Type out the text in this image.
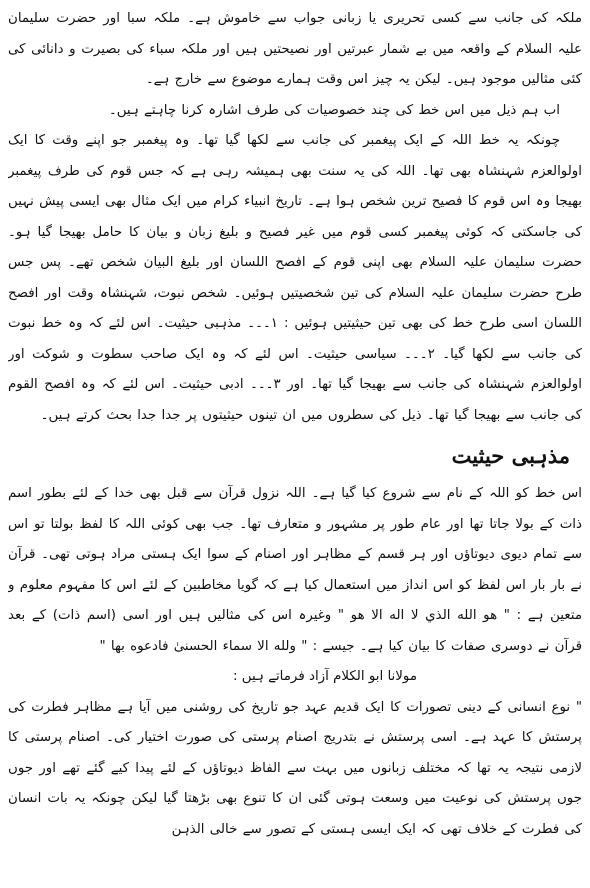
ملکہ کی جانب سے کسی تحریری یا زبانی جواب سے خاموش ہے۔ ملکہ سبا اور حضرت سلیمان علیہ السلام کے واقعہ میں بے شمار عبرتیں اور نصیحتیں ہیں اور ملکہ سباء کی بصیرت و دانائی کی کئی مثالیں موجود ہیں۔ لیکن یہ چیز اس وقت ہمارے موضوع سے خارج ہے۔

اب ہم ذیل میں اس خط کی چند خصوصیات کی طرف اشارہ کرنا چاہتے ہیں۔

چونکہ یہ خط اللہ کے ایک پیغمبر کی جانب سے لکھا گیا تھا۔ وہ پیغمبر جو اپنے وقت کا ایک اولوالعزم شہنشاہ بھی تھا۔ اللہ کی یہ سنت بھی ہمیشہ رہی ہے کہ جس قوم کی طرف پیغمبر بھیجا وہ اس قوم کا فصیح ترین شخص ہوا ہے۔ تاریخ انبیاء کرام میں ایک مثال بھی ایسی پیش نہیں کی جاسکتی کہ کوئی پیغمبر کسی قوم میں غیر فصیح و بلیغ زبان و بیان کا حامل بھیجا گیا ہو۔ حضرت سلیمان علیہ السلام بھی اپنی قوم کے افصح اللسان اور بلیغ البیان شخص تھے۔ پس جس طرح حضرت سلیمان علیہ السلام کی تین شخصیتیں ہوئیں۔ شخص نبوت، شہنشاہ وقت اور افصح اللسان اسی طرح خط کی بھی تین حیثیتیں ہوئیں : ۱۔۔۔ مذہبی حیثیت۔ اس لئے کہ وہ خط نبوت کی جانب سے لکھا گیا۔ ۲۔۔۔ سیاسی حیثیت۔ اس لئے کہ وہ ایک صاحب سطوت و شوکت اور اولوالعزم شہنشاہ کی جانب سے بھیجا گیا تھا۔ اور ۳۔۔۔ ادبی حیثیت۔ اس لئے کہ وہ افصح القوم کی جانب سے بھیجا گیا تھا۔ ذیل کی سطروں میں ان تینوں حیثیتوں پر جدا جدا بحث کرتے ہیں۔

مذہبی حیثیت

اس خط کو اللہ کے نام سے شروع کیا گیا ہے۔ اللہ نزول قرآن سے قبل بھی خدا کے لئے بطور اسم ذات کے بولا جاتا تھا اور عام طور پر مشہور و متعارف تھا۔ جب بھی کوئی اللہ کا لفظ بولتا تو اس سے تمام دیوی دیوتاؤں اور ہر قسم کے مظاہر اور اصنام کے سوا ایک ہستی مراد ہوتی تھی۔ قرآن نے بار بار اس لفظ کو اس انداز میں استعمال کیا ہے کہ گویا مخاطبین کے لئے اس کا مفہوم معلوم و متعین ہے : " هو الله الذي لا اله الا هو " وغیرہ اس کی مثالیں ہیں اور اسی (اسم ذات) کے بعد قرآن نے دوسری صفات کا بیان کیا ہے۔ جیسے : " ولله الا سماء الحسنیٰ فادعوه بها "

مولانا ابو الکلام آزاد فرماتے ہیں :

" نوع انسانی کے دینی تصورات کا ایک قدیم عہد جو تاریخ کی روشنی میں آیا ہے مظاہر فطرت کی پرستش کا عہد ہے۔ اسی پرستش نے بتدریج اصنام پرستی کی صورت اختیار کی۔ اصنام پرستی کا لازمی نتیجہ یہ تھا کہ مختلف زبانوں میں بہت سے الفاظ دیوتاؤں کے لئے پیدا کیے گئے تھے اور جوں جوں پرستش کی نوعیت میں وسعت ہوتی گئی ان کا تنوع بھی بڑھتا گیا لیکن چونکہ یہ بات انسان کی فطرت کے خلاف تھی کہ ایک ایسی ہستی کے تصور سے خالی الذہن
